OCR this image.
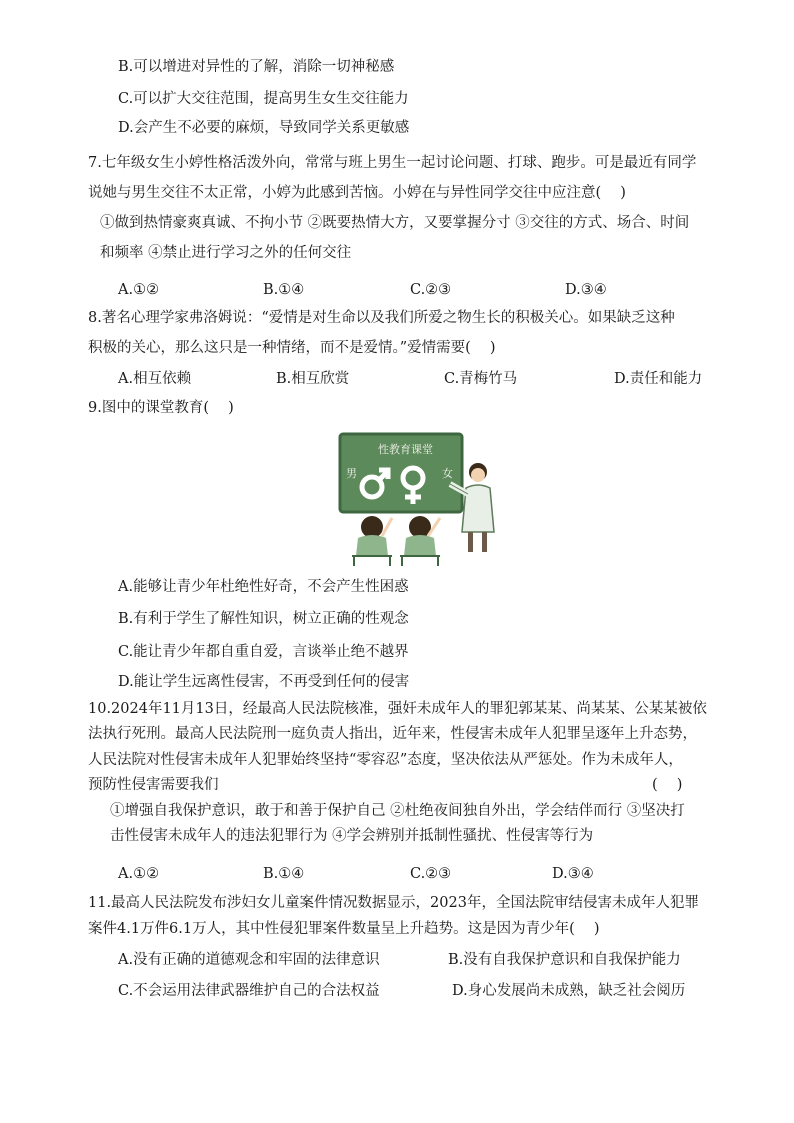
B.可以增进对异性的了解，消除一切神秘感
C.可以扩大交往范围，提高男生女生交往能力
D.会产生不必要的麻烦，导致同学关系更敏感
7.七年级女生小婷性格活泼外向，常常与班上男生一起讨论问题、打球、跑步。可是最近有同学
说她与男生交往不太正常，小婷为此感到苦恼。小婷在与异性同学交往中应注意(　 )
①做到热情豪爽真诚、不拘小节 ②既要热情大方，又要掌握分寸 ③交往的方式、场合、时间
和频率 ④禁止进行学习之外的任何交往
A.①②	B.①④	C.②③	D.③④
8.著名心理学家弗洛姆说：“爱情是对生命以及我们所爱之物生长的积极关心。如果缺乏这种
积极的关心，那么这只是一种情绪，而不是爱情。”爱情需要(　 )
A.相互依赖	B.相互欣赏	C.青梅竹马	D.责任和能力
9.图中的课堂教育(　 )
性教育课堂
男	女
A.能够让青少年杜绝性好奇，不会产生性困惑
B.有利于学生了解性知识，树立正确的性观念
C.能让青少年都自重自爱，言谈举止绝不越界
D.能让学生远离性侵害，不再受到任何的侵害
10.2024年11月13日，经最高人民法院核准，强奸未成年人的罪犯郭某某、尚某某、公某某被依
法执行死刑。最高人民法院刑一庭负责人指出，近年来，性侵害未成年人犯罪呈逐年上升态势，
人民法院对性侵害未成年人犯罪始终坚持“零容忍”态度，坚决依法从严惩处。作为未成年人，
预防性侵害需要我们	(　 )
①增强自我保护意识，敢于和善于保护自己 ②杜绝夜间独自外出，学会结伴而行 ③坚决打
击性侵害未成年人的违法犯罪行为 ④学会辨别并抵制性骚扰、性侵害等行为
A.①②	B.①④	C.②③	D.③④
11.最高人民法院发布涉妇女儿童案件情况数据显示，2023年，全国法院审结侵害未成年人犯罪
案件4.1万件6.1万人，其中性侵犯罪案件数量呈上升趋势。这是因为青少年(　 )
A.没有正确的道德观念和牢固的法律意识	B.没有自我保护意识和自我保护能力
C.不会运用法律武器维护自己的合法权益	D.身心发展尚未成熟，缺乏社会阅历
